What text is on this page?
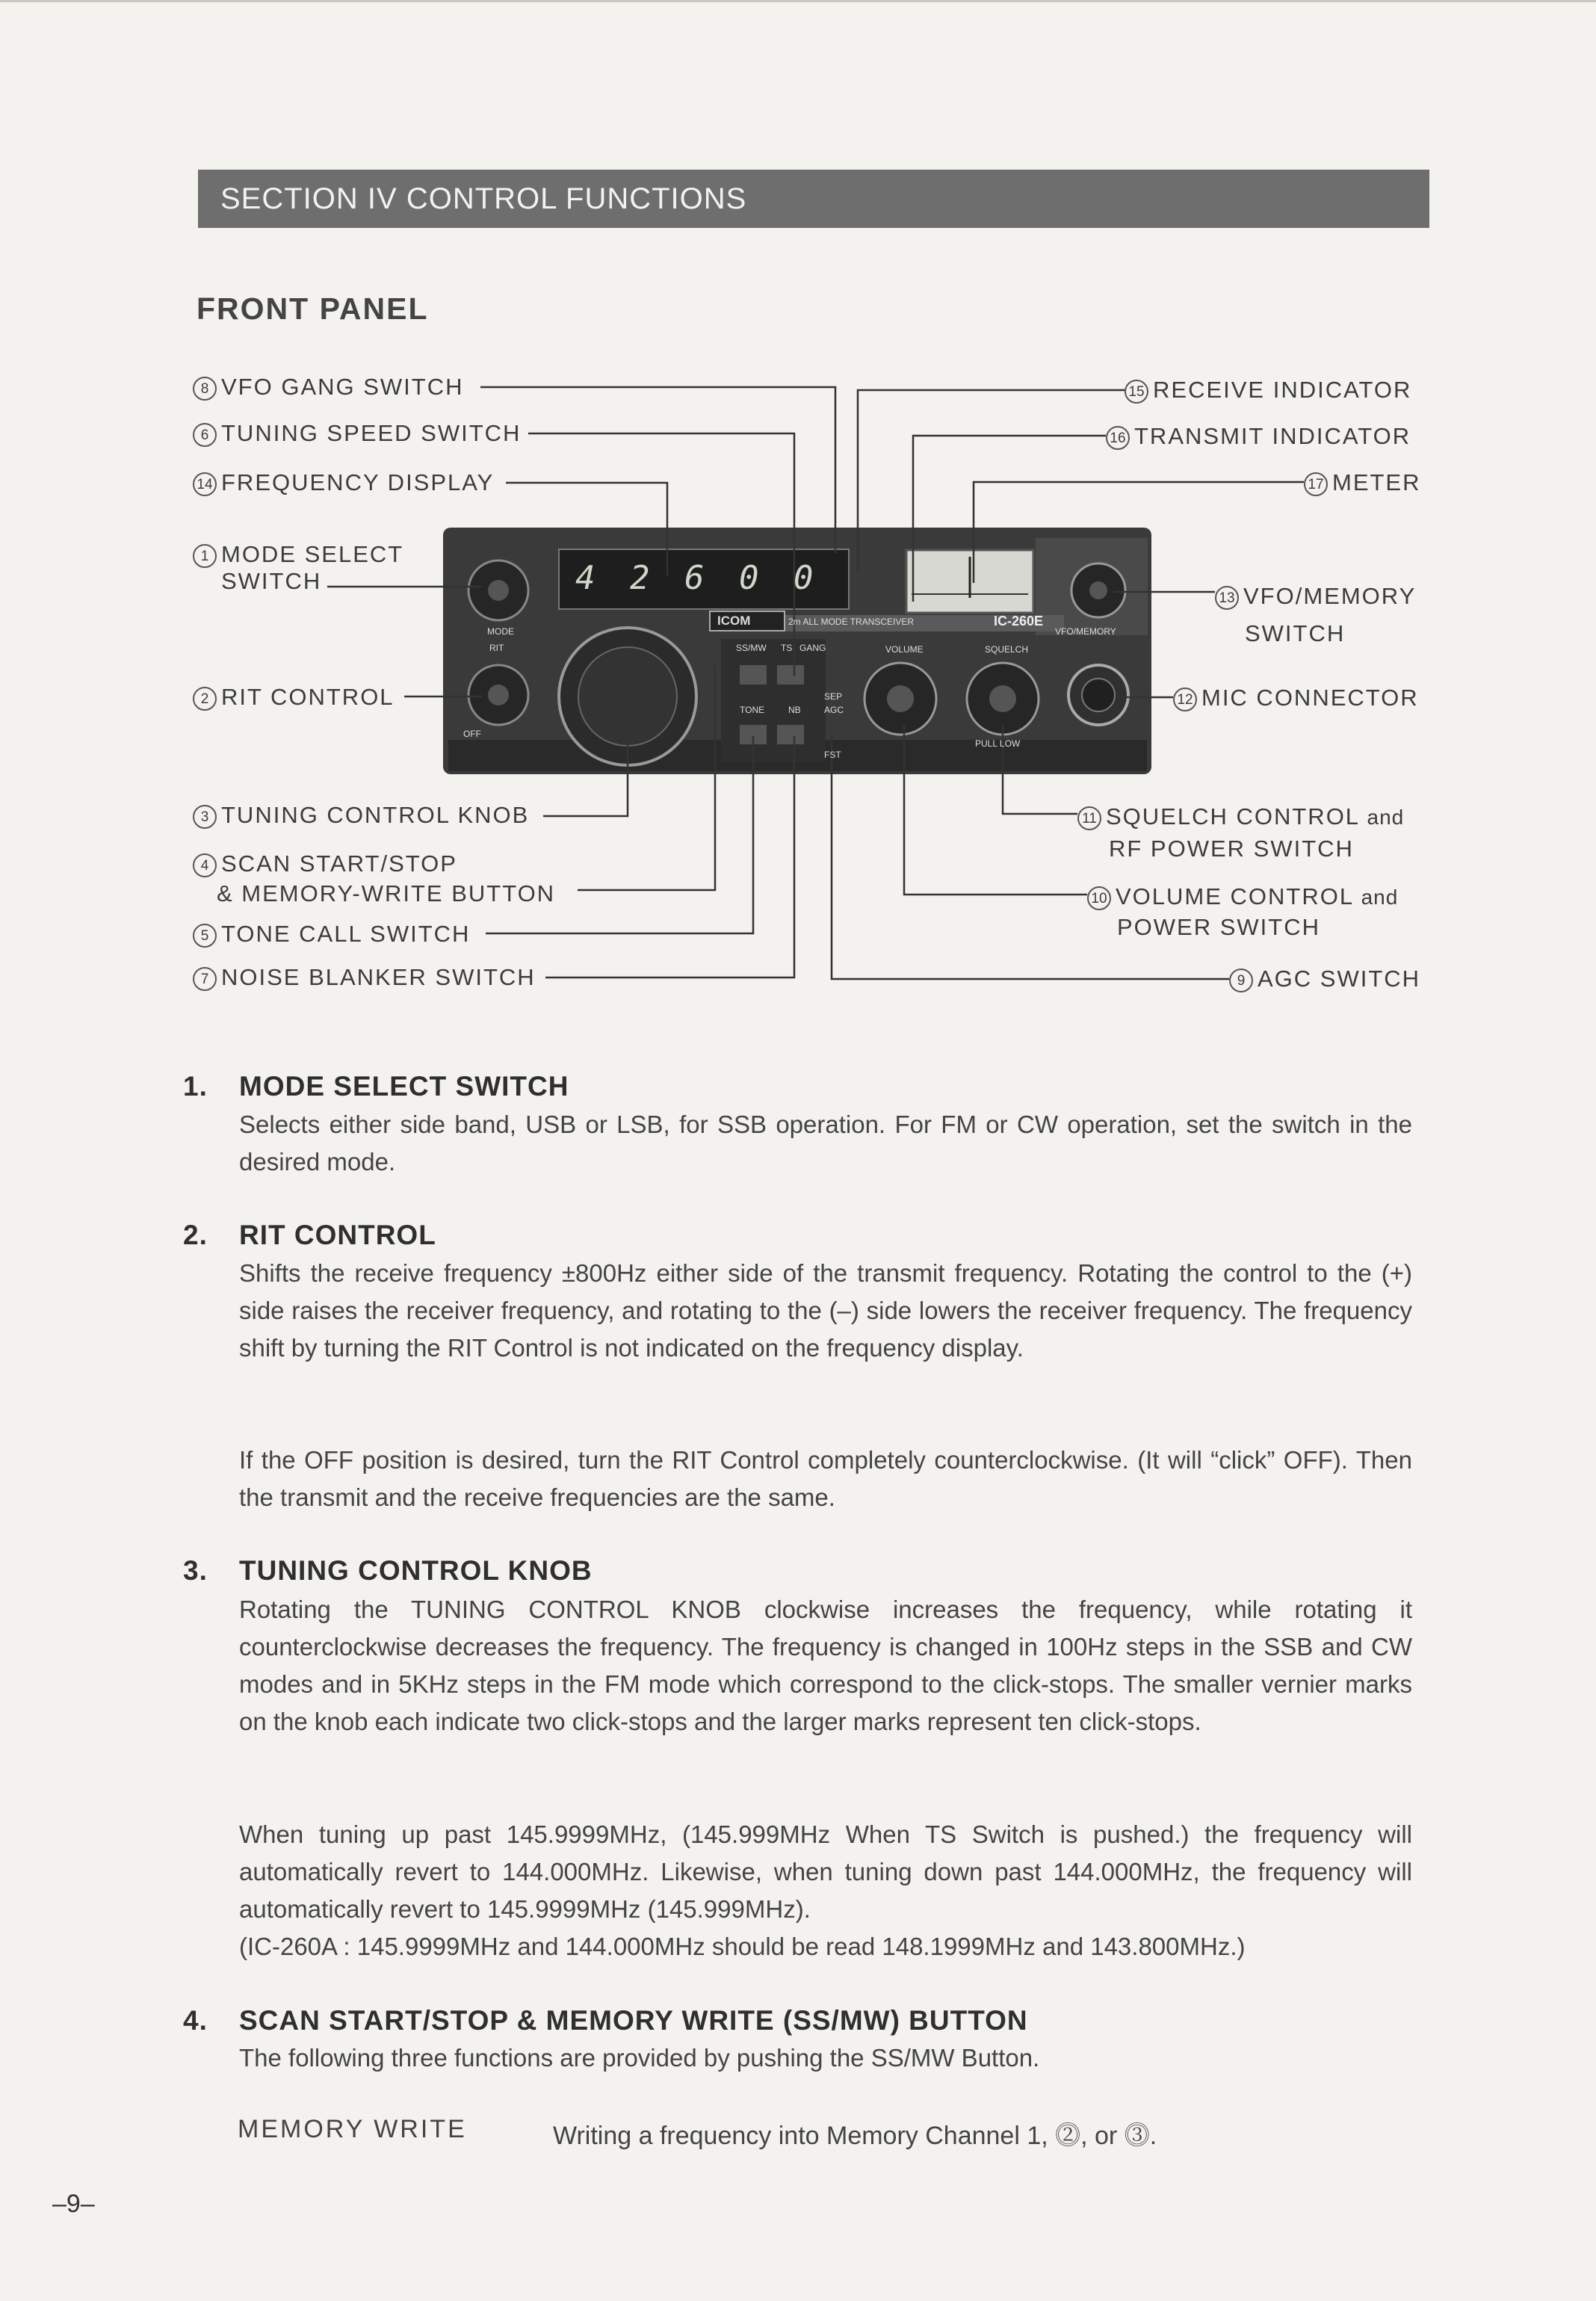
SECTION IV CONTROL FUNCTIONS
FRONT PANEL
8 VFO GANG SWITCH
6 TUNING SPEED SWITCH
14 FREQUENCY DISPLAY
1 MODE SELECT
SWITCH
2 RIT CONTROL
3 TUNING CONTROL KNOB
4 SCAN START/STOP
& MEMORY-WRITE BUTTON
5 TONE CALL SWITCH
7 NOISE BLANKER SWITCH
15 RECEIVE INDICATOR
16 TRANSMIT INDICATOR
17 METER
13 VFO/MEMORY
SWITCH
12 MIC CONNECTOR
11 SQUELCH CONTROL and
RF POWER SWITCH
10 VOLUME CONTROL and
POWER SWITCH
9 AGC SWITCH
4 2 6 0 0
ICOM	2m ALL MODE TRANSCEIVER	IC-260E
MODE
RIT
OFF
SS/MW TS GANG
SEP
TONE	NB	AGC
FST
VOLUME	SQUELCH
PULL LOW
VFO/MEMORY
1. MODE SELECT SWITCH
Selects either side band, USB or LSB, for SSB operation. For FM or CW operation, set the switch in the desired mode.
2. RIT CONTROL
Shifts the receive frequency ±800Hz either side of the transmit frequency. Rotating the control to the (+) side raises the receiver frequency, and rotating to the (–) side lowers the receiver frequency. The frequency shift by turning the RIT Control is not indicated on the frequency display.
If the OFF position is desired, turn the RIT Control completely counterclockwise. (It will “click” OFF). Then the transmit and the receive frequencies are the same.
3. TUNING CONTROL KNOB
Rotating the TUNING CONTROL KNOB clockwise increases the frequency, while rotating it counterclockwise decreases the frequency. The frequency is changed in 100Hz steps in the SSB and CW modes and in 5KHz steps in the FM mode which correspond to the click-stops. The smaller vernier marks on the knob each indicate two click-stops and the larger marks represent ten click-stops.
When tuning up past 145.9999MHz, (145.999MHz When TS Switch is pushed.) the frequency will automatically revert to 144.000MHz. Likewise, when tuning down past 144.000MHz, the frequency will automatically revert to 145.9999MHz (145.999MHz).
(IC-260A : 145.9999MHz and 144.000MHz should be read 148.1999MHz and 143.800MHz.)
4. SCAN START/STOP & MEMORY WRITE (SS/MW) BUTTON
The following three functions are provided by pushing the SS/MW Button.
MEMORY WRITE	Writing a frequency into Memory Channel 1, ⓶, or ⓷.
–9–
